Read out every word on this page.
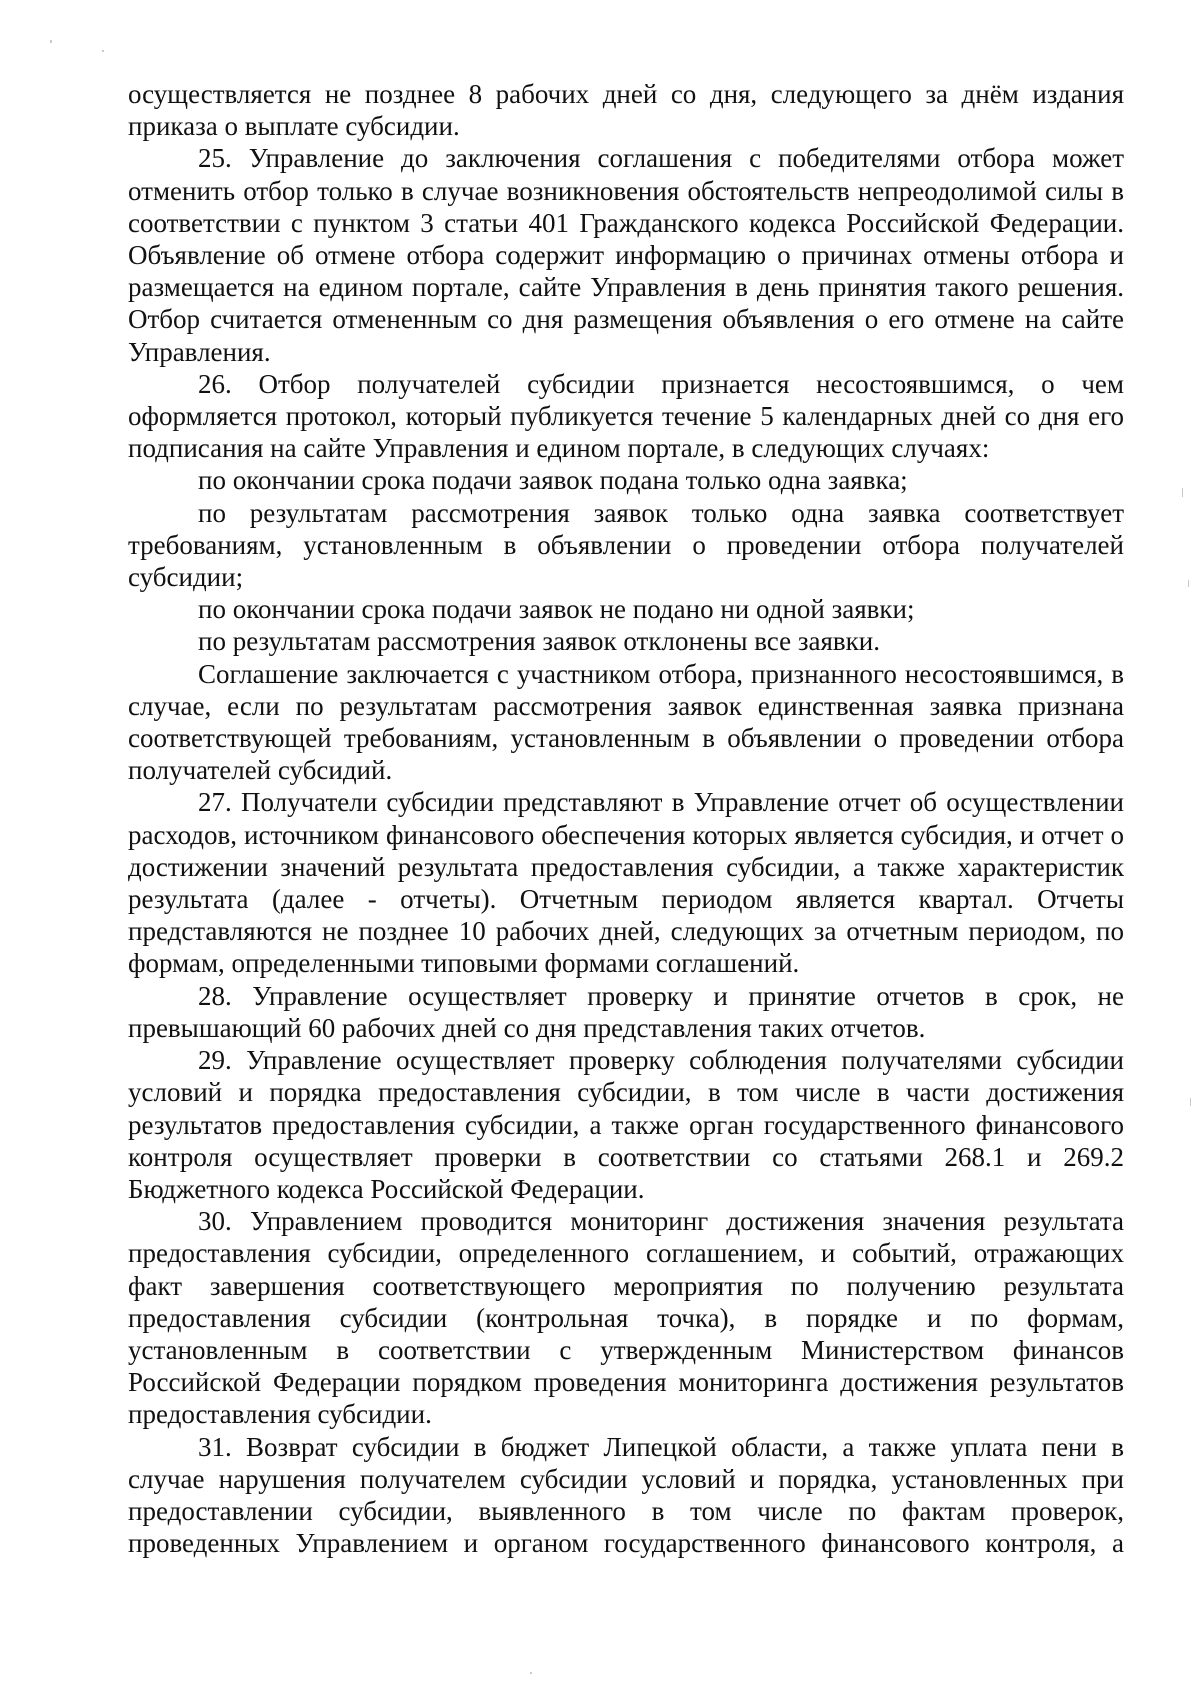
осуществляется не позднее 8 рабочих дней со дня, следующего за днём издания приказа о выплате субсидии.

25. Управление до заключения соглашения с победителями отбора может отменить отбор только в случае возникновения обстоятельств непреодолимой силы в соответствии с пунктом 3 статьи 401 Гражданского кодекса Российской Федерации. Объявление об отмене отбора содержит информацию о причинах отмены отбора и размещается на едином портале, сайте Управления в день принятия такого решения. Отбор считается отмененным со дня размещения объявления о его отмене на сайте Управления.

26. Отбор получателей субсидии признается несостоявшимся, о чем оформляется протокол, который публикуется течение 5 календарных дней со дня его подписания на сайте Управления и едином портале, в следующих случаях:

по окончании срока подачи заявок подана только одна заявка;

по результатам рассмотрения заявок только одна заявка соответствует требованиям, установленным в объявлении о проведении отбора получателей субсидии;

по окончании срока подачи заявок не подано ни одной заявки;

по результатам рассмотрения заявок отклонены все заявки.

Соглашение заключается с участником отбора, признанного несостоявшимся, в случае, если по результатам рассмотрения заявок единственная заявка признана соответствующей требованиям, установленным в объявлении о проведении отбора получателей субсидий.

27. Получатели субсидии представляют в Управление отчет об осуществлении расходов, источником финансового обеспечения которых является субсидия, и отчет о достижении значений результата предоставления субсидии, а также характеристик результата (далее - отчеты). Отчетным периодом является квартал. Отчеты представляются не позднее 10 рабочих дней, следующих за отчетным периодом, по формам, определенными типовыми формами соглашений.

28. Управление осуществляет проверку и принятие отчетов в срок, не превышающий 60 рабочих дней со дня представления таких отчетов.

29. Управление осуществляет проверку соблюдения получателями субсидии условий и порядка предоставления субсидии, в том числе в части достижения результатов предоставления субсидии, а также орган государственного финансового контроля осуществляет проверки в соответствии со статьями 268.1 и 269.2 Бюджетного кодекса Российской Федерации.

30. Управлением проводится мониторинг достижения значения результата предоставления субсидии, определенного соглашением, и событий, отражающих факт завершения соответствующего мероприятия по получению результата предоставления субсидии (контрольная точка), в порядке и по формам, установленным в соответствии с утвержденным Министерством финансов Российской Федерации порядком проведения мониторинга достижения результатов предоставления субсидии.

31. Возврат субсидии в бюджет Липецкой области, а также уплата пени в случае нарушения получателем субсидии условий и порядка, установленных при предоставлении субсидии, выявленного в том числе по фактам проверок, проведенных Управлением и органом государственного финансового контроля, а
